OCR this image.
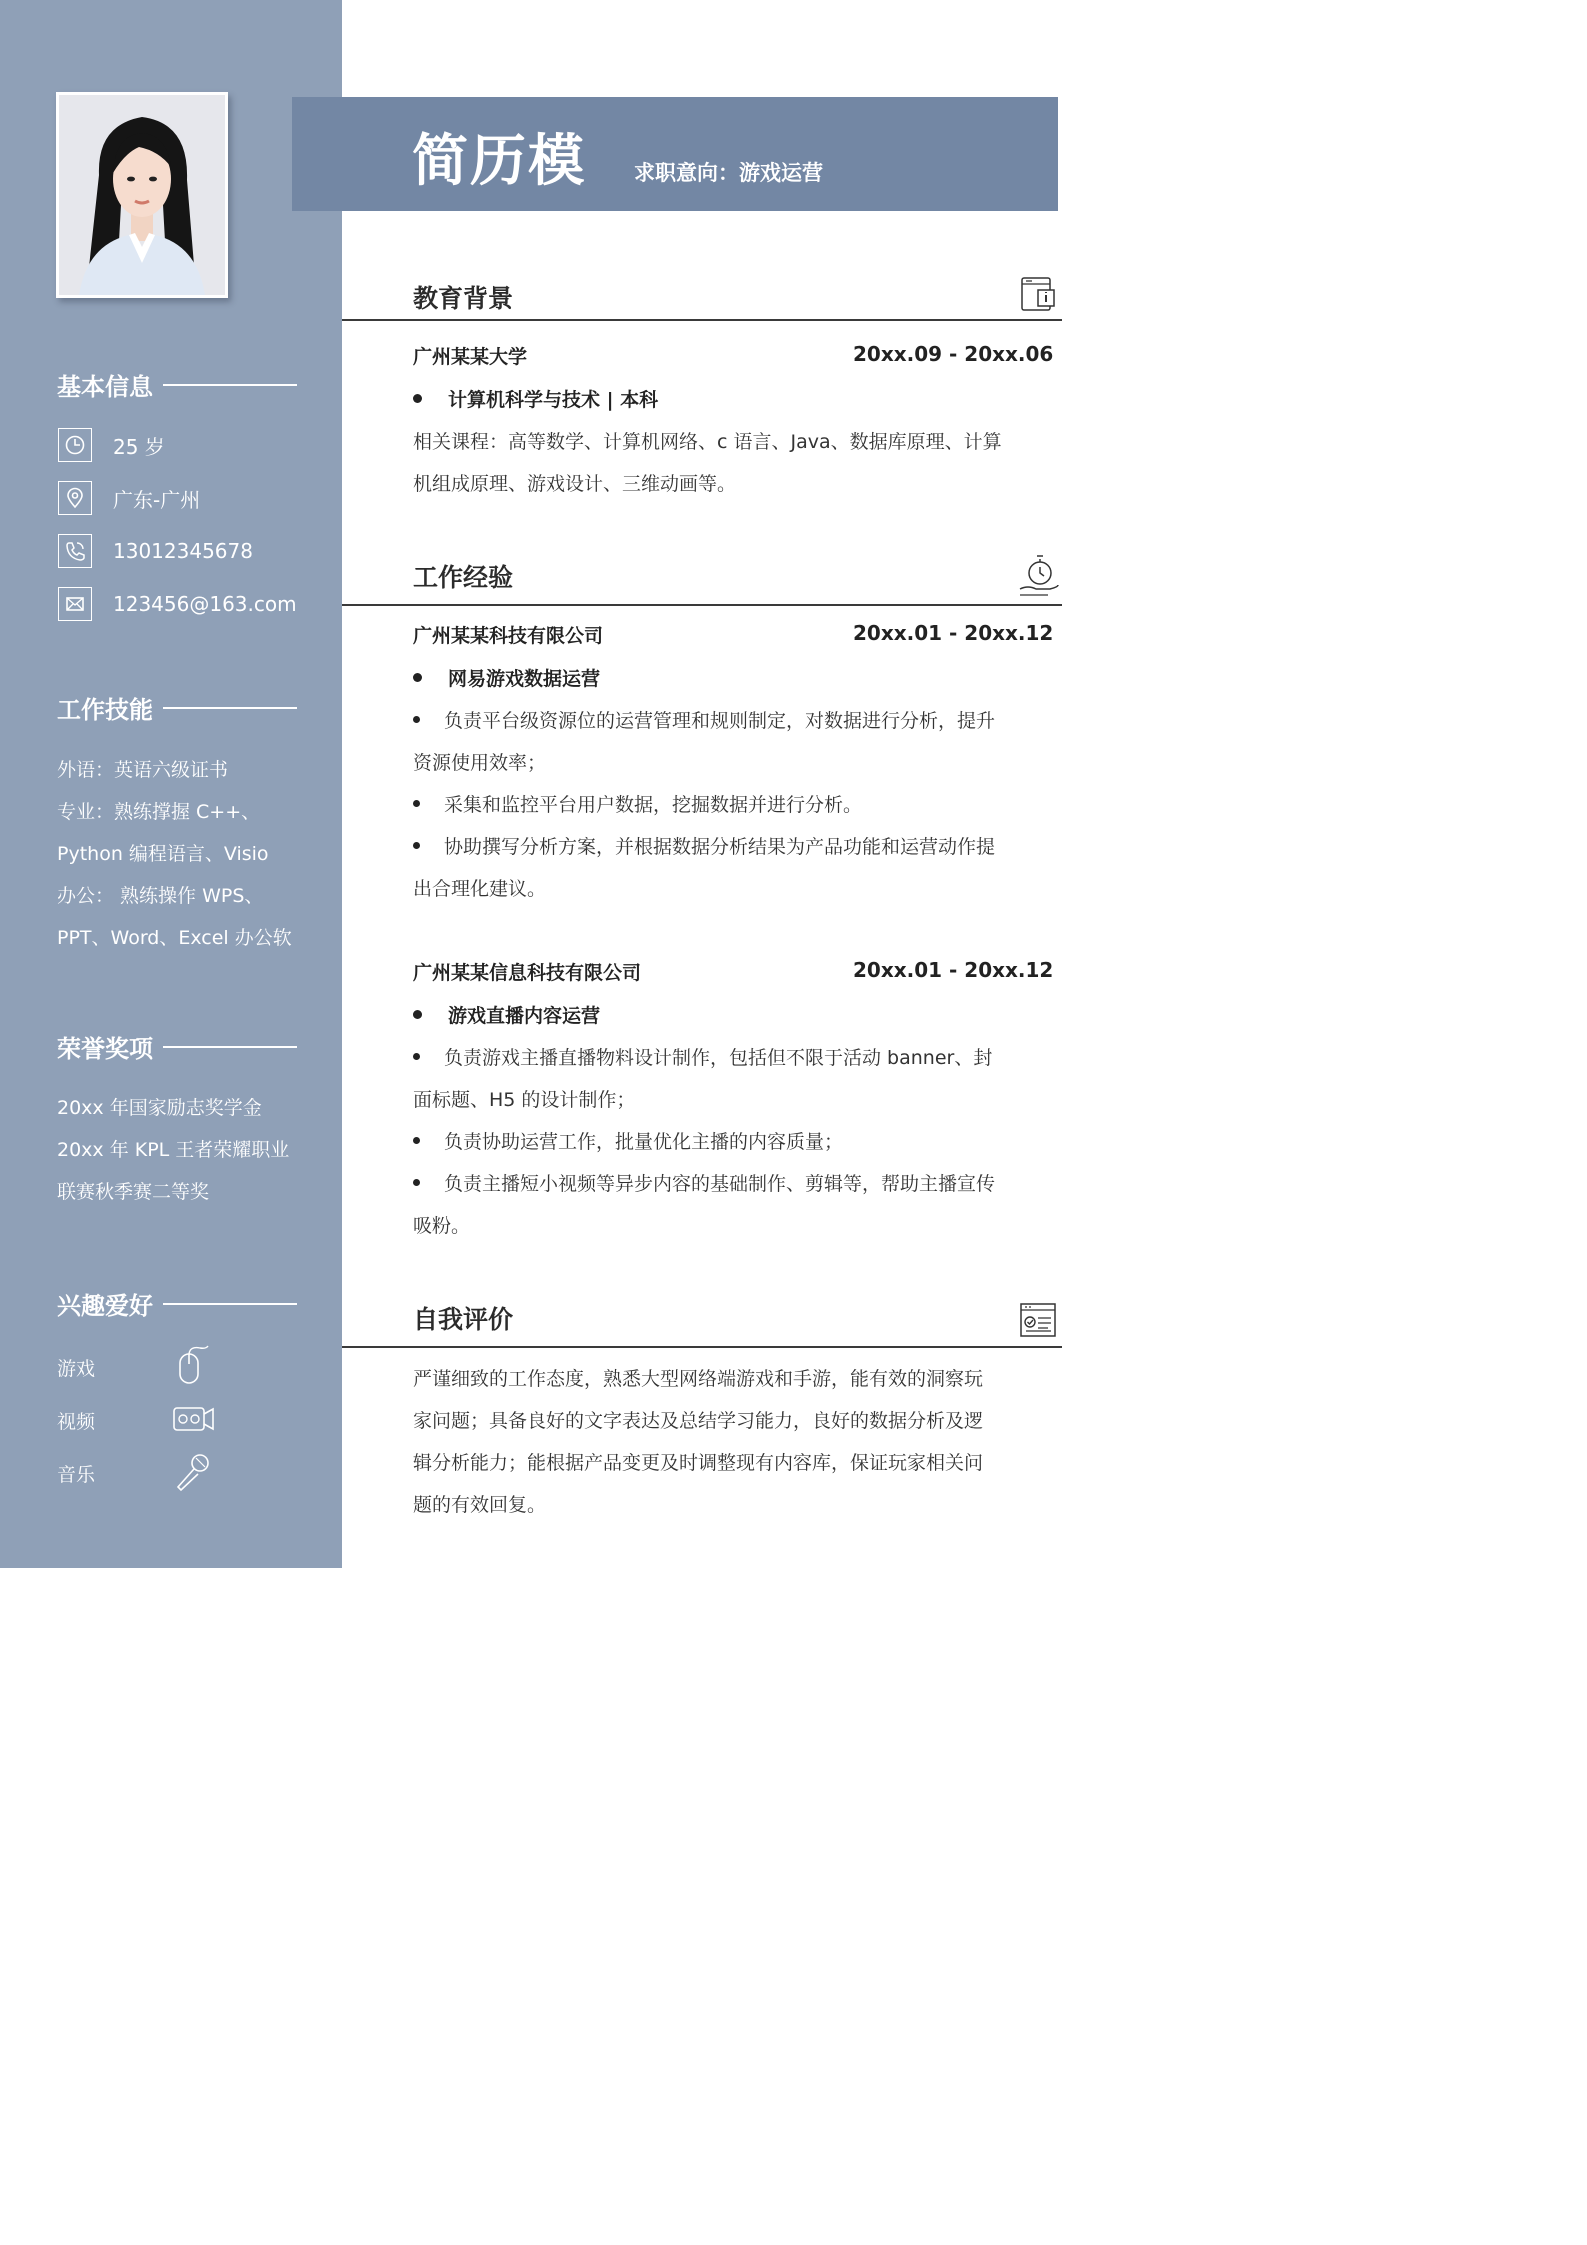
基本信息
25 岁
广东-广州
13012345678
123456@163.com
工作技能
外语：英语六级证书
专业：熟练撑握 C++、
Python 编程语言、Visio
办公： 熟练操作 WPS、
PPT、Word、Excel 办公软
荣誉奖项
20xx 年国家励志奖学金
20xx 年 KPL 王者荣耀职业
联赛秋季赛二等奖
兴趣爱好
游戏
视频
音乐
简历模 求职意向：游戏运营
教育背景
广州某某大学	20xx.09 - 20xx.06
计算机科学与技术 | 本科
相关课程：高等数学、计算机网络、c 语言、Java、数据库原理、计算
机组成原理、游戏设计、三维动画等。
工作经验
广州某某科技有限公司	20xx.01 - 20xx.12
网易游戏数据运营
负责平台级资源位的运营管理和规则制定，对数据进行分析，提升
资源使用效率；
采集和监控平台用户数据，挖掘数据并进行分析。
协助撰写分析方案，并根据数据分析结果为产品功能和运营动作提
出合理化建议。
广州某某信息科技有限公司	20xx.01 - 20xx.12
游戏直播内容运营
负责游戏主播直播物料设计制作，包括但不限于活动 banner、封
面标题、H5 的设计制作；
负责协助运营工作，批量优化主播的内容质量；
负责主播短小视频等异步内容的基础制作、剪辑等，帮助主播宣传
吸粉。
自我评价
严谨细致的工作态度，熟悉大型网络端游戏和手游，能有效的洞察玩
家问题；具备良好的文字表达及总结学习能力，良好的数据分析及逻
辑分析能力；能根据产品变更及时调整现有内容库，保证玩家相关问
题的有效回复。
